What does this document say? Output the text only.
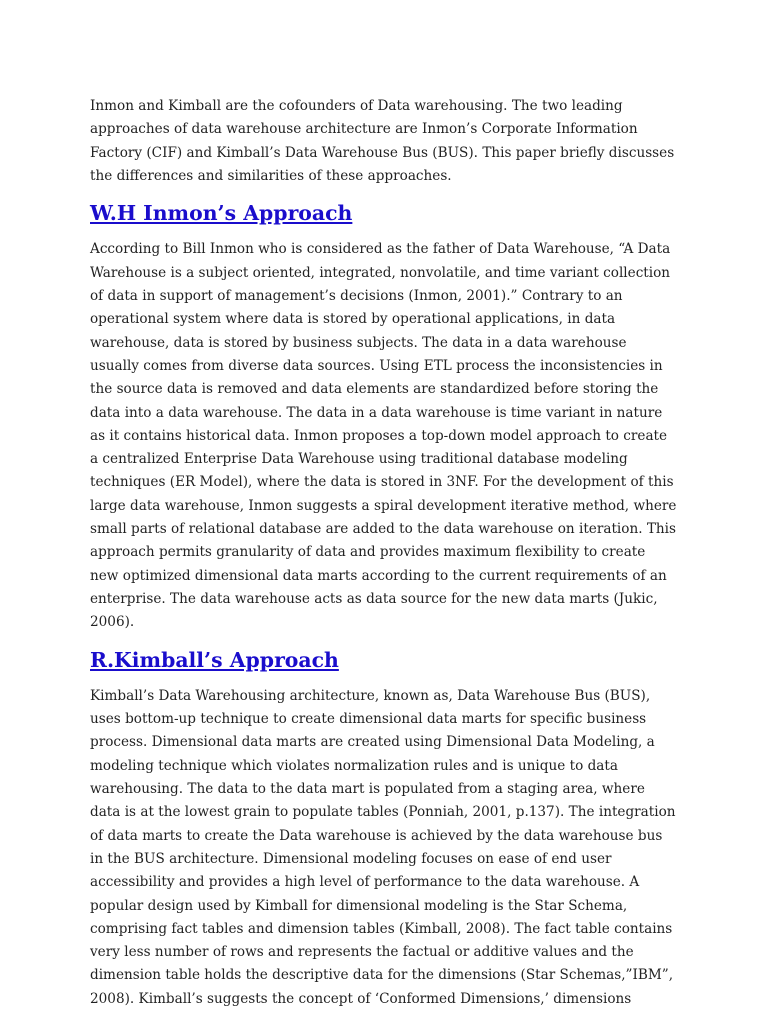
Inmon and Kimball are the cofounders of Data warehousing. The two leading approaches of data warehouse architecture are Inmon’s Corporate Information Factory (CIF) and Kimball’s Data Warehouse Bus (BUS). This paper briefly discusses the differences and similarities of these approaches.

W.H Inmon’s Approach

According to Bill Inmon who is considered as the father of Data Warehouse, “A Data Warehouse is a subject oriented, integrated, nonvolatile, and time variant collection of data in support of management’s decisions (Inmon, 2001).” Contrary to an operational system where data is stored by operational applications, in data warehouse, data is stored by business subjects. The data in a data warehouse usually comes from diverse data sources. Using ETL process the inconsistencies in the source data is removed and data elements are standardized before storing the data into a data warehouse. The data in a data warehouse is time variant in nature as it contains historical data. Inmon proposes a top-down model approach to create a centralized Enterprise Data Warehouse using traditional database modeling techniques (ER Model), where the data is stored in 3NF. For the development of this large data warehouse, Inmon suggests a spiral development iterative method, where small parts of relational database are added to the data warehouse on iteration. This approach permits granularity of data and provides maximum flexibility to create new optimized dimensional data marts according to the current requirements of an enterprise. The data warehouse acts as data source for the new data marts (Jukic, 2006).

R.Kimball’s Approach

Kimball’s Data Warehousing architecture, known as, Data Warehouse Bus (BUS), uses bottom-up technique to create dimensional data marts for specific business process. Dimensional data marts are created using Dimensional Data Modeling, a modeling technique which violates normalization rules and is unique to data warehousing. The data to the data mart is populated from a staging area, where data is at the lowest grain to populate tables (Ponniah, 2001, p.137). The integration of data marts to create the Data warehouse is achieved by the data warehouse bus in the BUS architecture. Dimensional modeling focuses on ease of end user accessibility and provides a high level of performance to the data warehouse. A popular design used by Kimball for dimensional modeling is the Star Schema, comprising fact tables and dimension tables (Kimball, 2008). The fact table contains very less number of rows and represents the factual or additive values and the dimension table holds the descriptive data for the dimensions (Star Schemas,”IBM”, 2008). Kimball’s suggests the concept of ‘Conformed Dimensions,’ dimensions
